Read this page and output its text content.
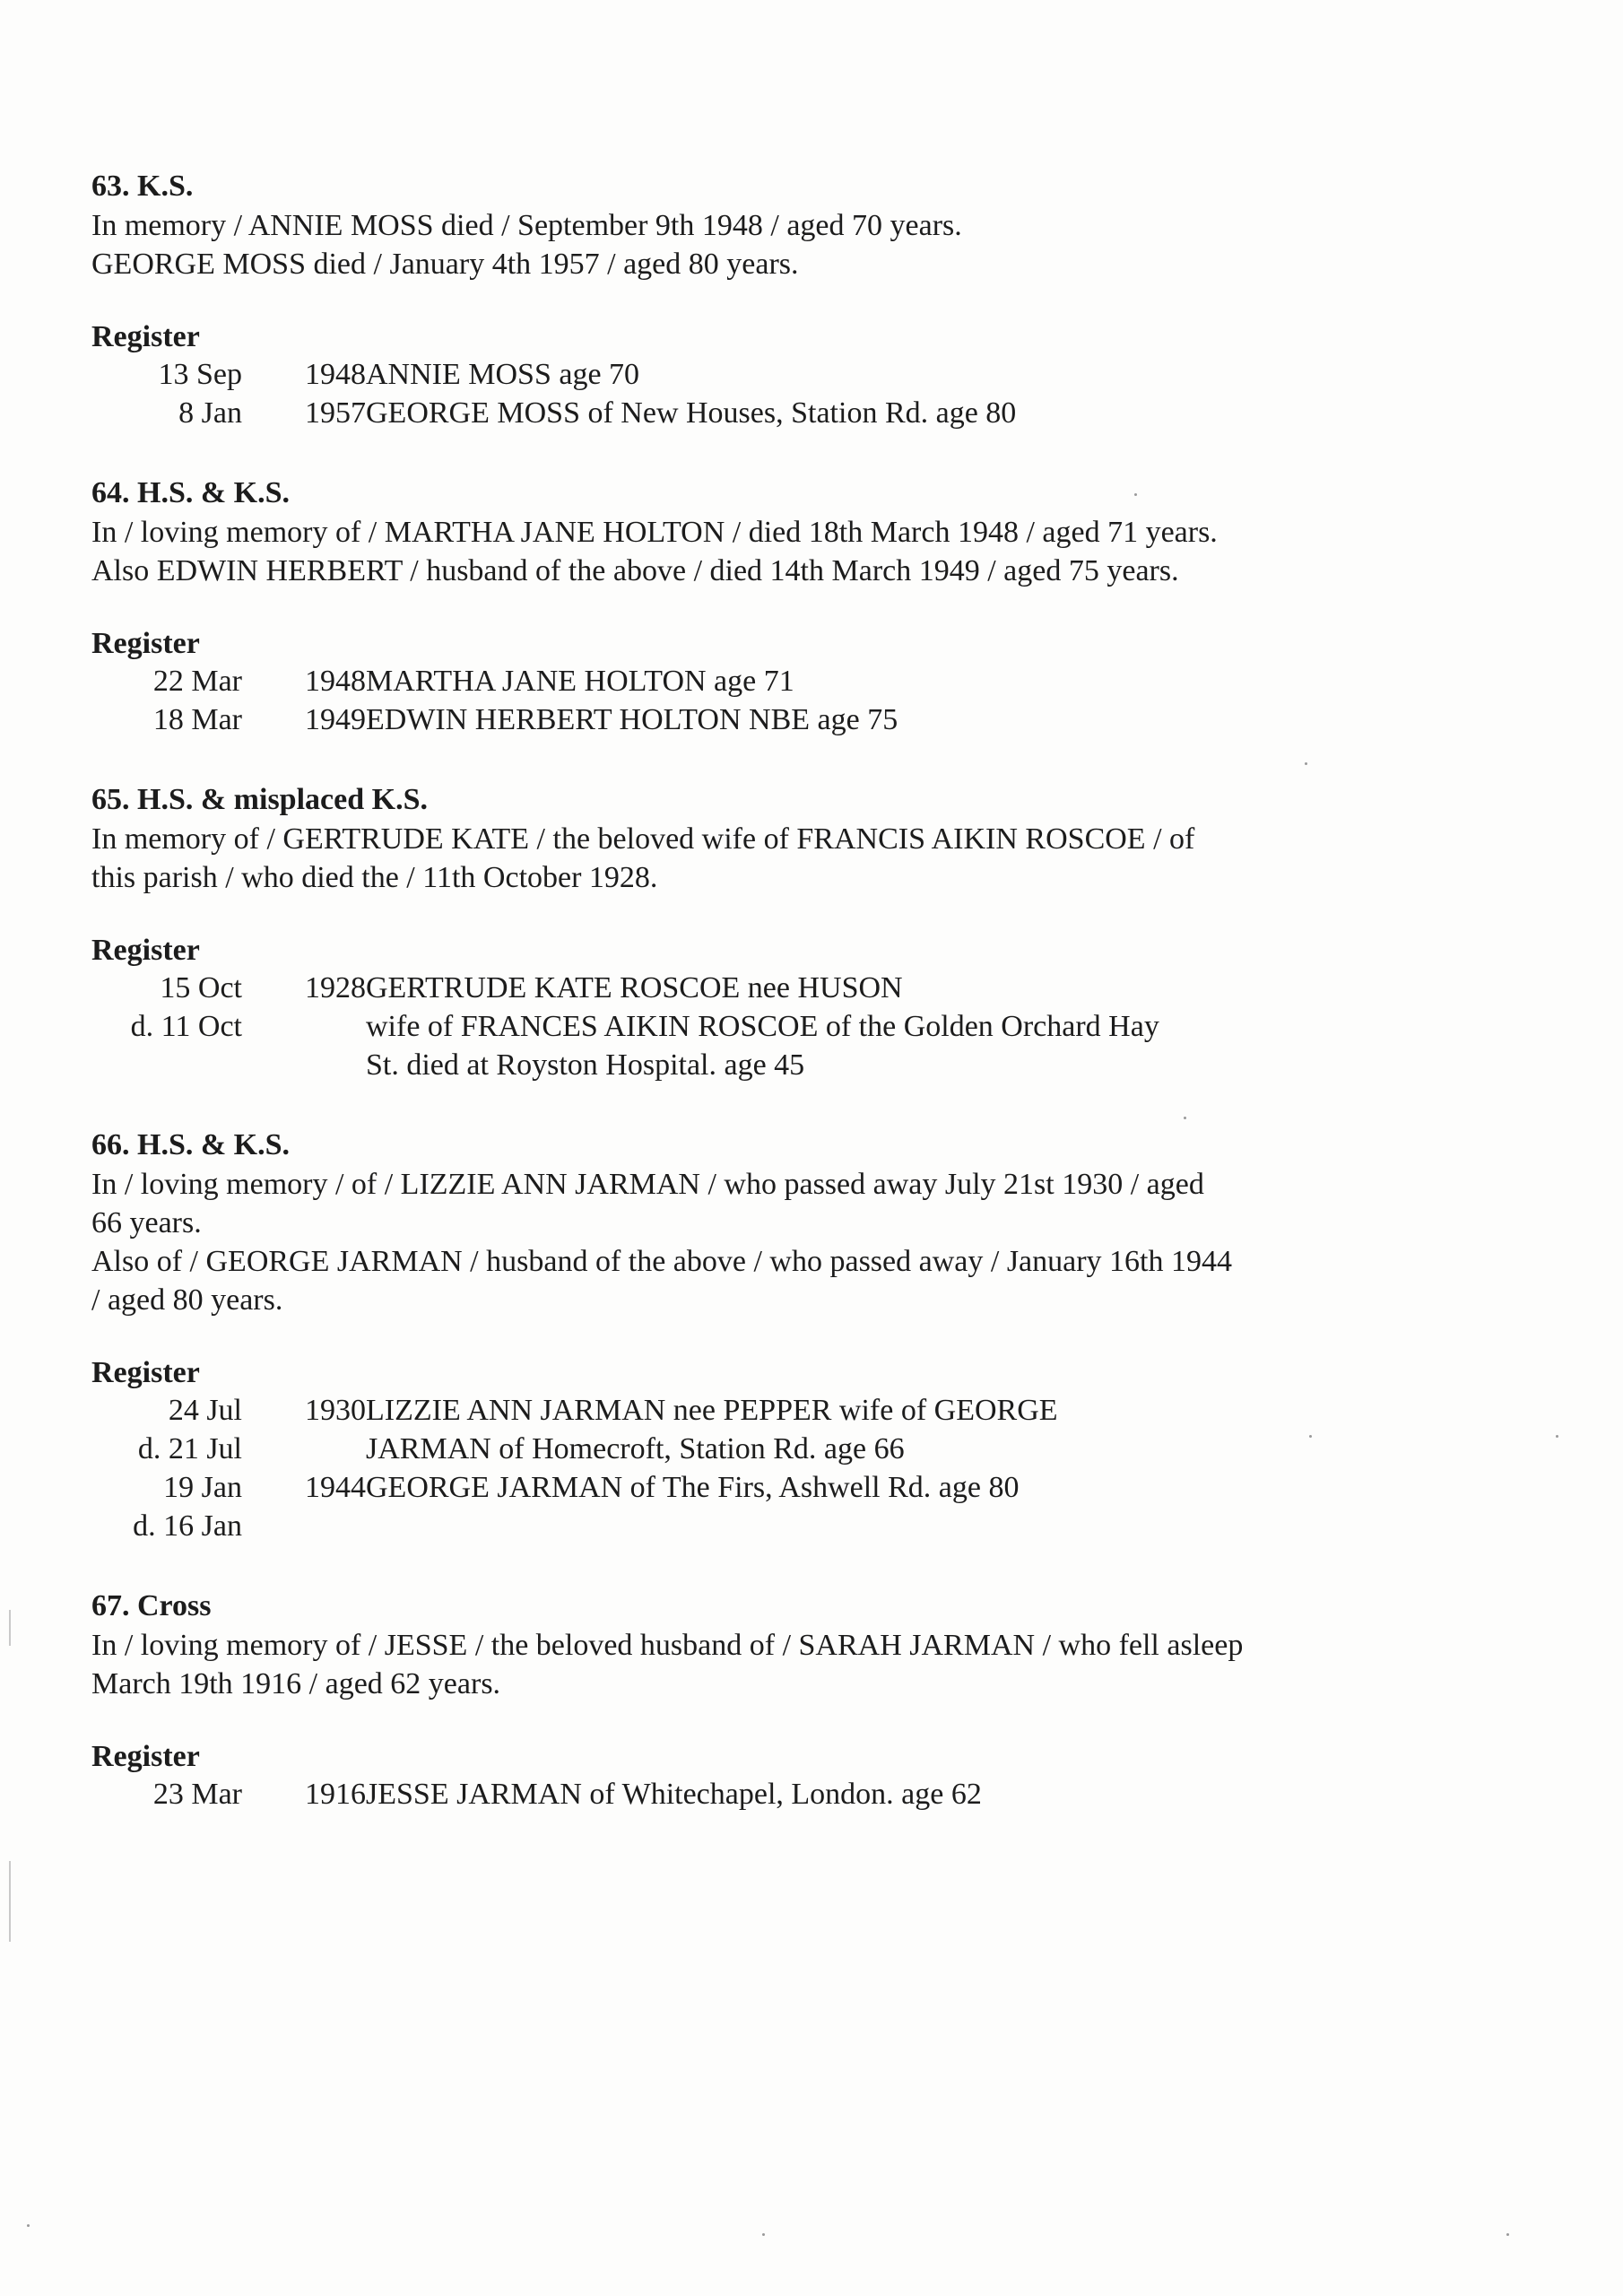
63. K.S.

In memory / ANNIE MOSS died / September 9th 1948 / aged 70 years.

GEORGE MOSS died / January 4th 1957 / aged 80 years.

Register
13 Sep	1948	ANNIE MOSS age 70
8 Jan	1957	GEORGE MOSS of New Houses, Station Rd. age 80
64. H.S. & K.S.

In / loving memory of / MARTHA JANE HOLTON / died 18th March 1948 / aged 71 years.

Also EDWIN HERBERT / husband of the above / died 14th March 1949 / aged 75 years.

Register
22 Mar	1948	MARTHA JANE HOLTON age 71
18 Mar	1949	EDWIN HERBERT HOLTON NBE age 75
65. H.S. & misplaced K.S.

In memory of / GERTRUDE KATE / the beloved wife of FRANCIS AIKIN ROSCOE / of

this parish / who died the / 11th October 1928.

Register
15 Oct	1928	GERTRUDE KATE ROSCOE nee HUSON
d. 11 Oct		wife of FRANCES AIKIN ROSCOE of the Golden Orchard Hay
		St. died at Royston Hospital. age 45
66. H.S. & K.S.

In / loving memory / of / LIZZIE ANN JARMAN / who passed away July 21st 1930 / aged

66 years.

Also of / GEORGE JARMAN / husband of the above / who passed away / January 16th 1944

/ aged 80 years.

Register
24 Jul	1930	LIZZIE ANN JARMAN nee PEPPER wife of GEORGE
d. 21 Jul		JARMAN of Homecroft, Station Rd. age 66
19 Jan	1944	GEORGE JARMAN of The Firs, Ashwell Rd. age 80
d. 16 Jan		
67. Cross

In / loving memory of / JESSE / the beloved husband of / SARAH JARMAN / who fell asleep

March 19th 1916 / aged 62 years.

Register
23 Mar	1916	JESSE JARMAN of Whitechapel, London. age 62
